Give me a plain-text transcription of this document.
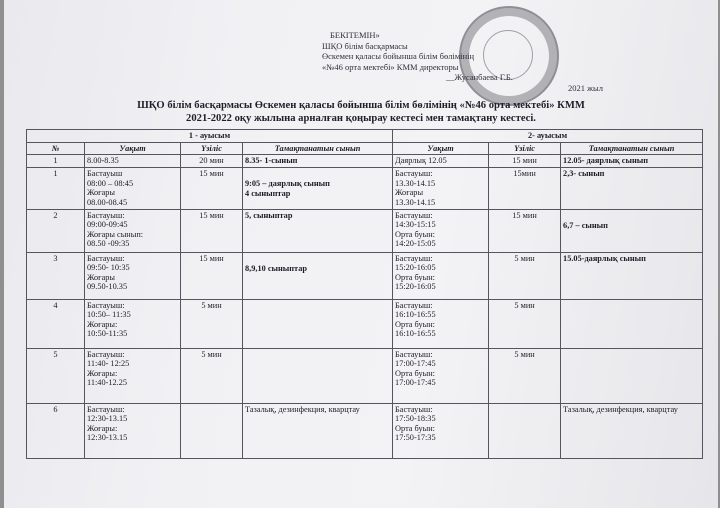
БЕКІТЕМІН»
ШҚО білім басқармасы
Өскемен қаласы бойынша білім бөлімінің
«№46 орта мектебі» КММ директоры
__Жусанбаева Г.Б.
2021 жыл
ШҚО білім басқармасы Өскемен қаласы бойынша білім бөлімінің «№46 орта мектебі» КММ
2021-2022 оқу жылына арналған қоңырау кестесі мен тамақтану кестесі.
1 - ауысым				2- ауысым		
№	Уақыт	Үзіліс	Тамақтанатын сынып	Уақыт	Үзіліс	Тамақтанатын сынып
1	8.00-8.35	20 мин	8.35- 1-сынып	Даярлық 12.05	15 мин	12.05- даярлық сынып
1	Бастауыш
08:00 – 08:45
Жоғары
08.00-08.45	15 мин	9:05 – даярлық сынып
4 сыныптар	Бастауыш:
13.30-14.15
Жоғары
13.30-14.15	15мин	2,3- сынып

2	Бастауыш:
09:00-09:45
Жоғары сынып:
08.50 -09:35	15 мин	5, сыныптар	Бастауыш:
14:30-15:15
Орта буын:
14:20-15:05	15 мин	6,7 – сынып

3	Бастауыш:
09:50- 10:35
Жоғары
09.50-10.35	15 мин	8,9,10 сыныптар	Бастауыш:
15:20-16:05
Орта буын:
15:20-16:05	5 мин	15.05-даярлық сынып

4	Бастауыш:
10:50– 11:35
Жоғары:
10:50-11:35	5 мин		Бастауыш:
16:10-16:55
Орта буын:
16:10-16:55	5 мин	
5	Бастауыш:
11:40- 12:25
Жоғары:
11:40-12.25	5 мин		Бастауыш:
17:00-17:45
Орта буын:
17:00-17:45	5 мин	
6	Бастауыш:
12:30-13.15
Жоғары:
12:30-13.15		Тазалық, дезинфекция, кварцтау	Бастауыш:
17:50-18:35
Орта буын:
17:50-17:35		Тазалық, дезинфекция, кварцтау
